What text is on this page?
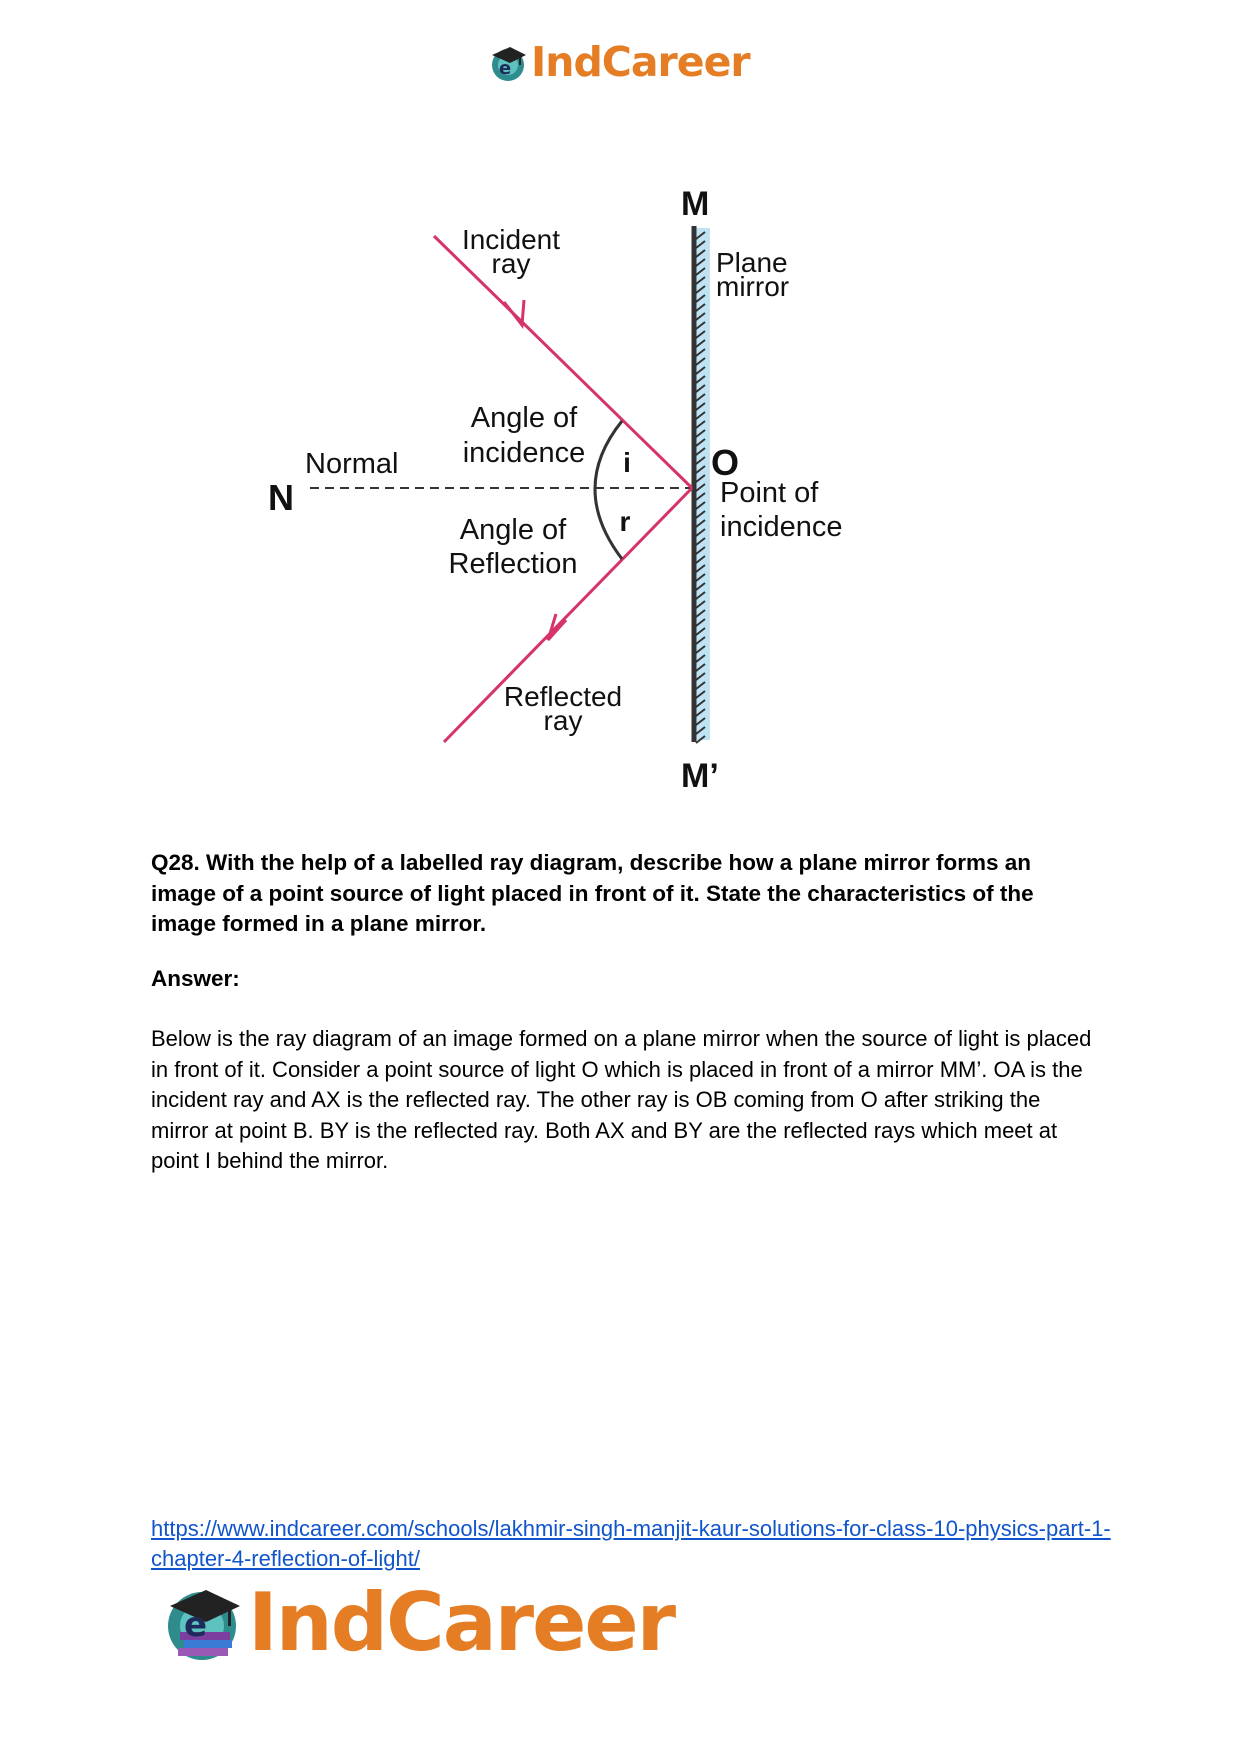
e IndCareer
M
M’
Plane
mirror
Incident
ray
Angle of
incidence
Normal
N
i
r
O
Point of
incidence
Angle of
Reflection
Reflected
ray

Q28. With the help of a labelled ray diagram, describe how a plane mirror forms an image of a point source of light placed in front of it. State the characteristics of the image formed in a plane mirror.

Answer:

Below is the ray diagram of an image formed on a plane mirror when the source of light is placed in front of it. Consider a point source of light O which is placed in front of a mirror MM’. OA is the incident ray and AX is the reflected ray. The other ray is OB coming from O after striking the mirror at point B. BY is the reflected ray. Both AX and BY are the reflected rays which meet at point I behind the mirror.

https://www.indcareer.com/schools/lakhmir-singh-manjit-kaur-solutions-for-class-10-physics-part-1-chapter-4-reflection-of-light/
e IndCareer
